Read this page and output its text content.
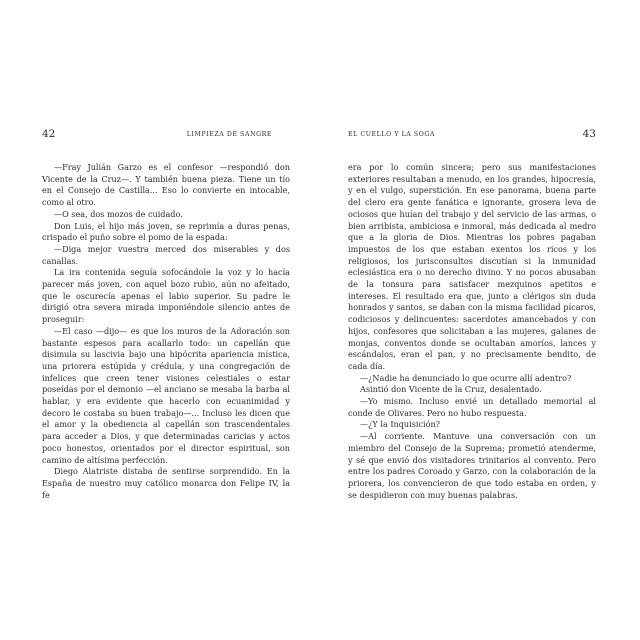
42	LIMPIEZA DE SANGRE

—Fray Julián Garzo es el confesor —respondió don Vicente de la Cruz—. Y también buena pieza. Tiene un tío en el Consejo de Castilla... Eso lo convierte en intocable, como al otro.

—O sea, dos mozos de cuidado.

Don Luis, el hijo más joven, se reprimía a duras penas, crispado el puño sobre el pomo de la espada:

—Diga mejor vuestra merced dos miserables y dos canallas.

La ira contenida seguía sofocándole la voz y lo hacía parecer más joven, con aquel bozo rubio, aún no afeitado, que le oscurecía apenas el labio superior. Su padre le dirigió otra severa mirada imponiéndole silencio antes de proseguir:

—El caso —dijo— es que los muros de la Adoración son bastante espesos para acallarlo todo: un capellán que disimula su lascivia bajo una hipócrita apariencia mística, una priorera estúpida y crédula, y una congregación de infelices que creen tener visiones celestiales o estar poseídas por el demonio —el anciano se mesaba la barba al hablar, y era evidente que hacerlo con ecuanimidad y decoro le costaba su buen trabajo—... Incluso les dicen que el amor y la obediencia al capellán son trascendentales para acceder a Dios, y que determinadas caricias y actos poco honestos, orientados por el director espiritual, son camino de altísima perfección.

Diego Alatriste distaba de sentirse sorprendido. En la España de nuestro muy católico monarca don Felipe IV, la fe

EL CUELLO Y LA SOGA	43

era por lo común sincera; pero sus manifestaciones exteriores resultaban a menudo, en los grandes, hipocresía, y en el vulgo, superstición. En ese panorama, buena parte del clero era gente fanática e ignorante, grosera leva de ociosos que huían del trabajo y del servicio de las armas, o bien arribista, ambiciosa e inmoral, más dedicada al medro que a la gloria de Dios. Mientras los pobres pagaban impuestos de los que estaban exentos los ricos y los religiosos, los jurisconsultos discutían si la inmunidad eclesiástica era o no derecho divino. Y no pocos abusaban de la tonsura para satisfacer mezquinos apetitos e intereses. El resultado era que, junto a clérigos sin duda honrados y santos, se daban con la misma facilidad pícaros, codiciosos y delincuentes: sacerdotes amancebados y con hijos, confesores que solicitaban a las mujeres, galanes de monjas, conventos donde se ocultaban amoríos, lances y escándalos, eran el pan, y no precisamente bendito, de cada día.

—¿Nadie ha denunciado lo que ocurre allí adentro?

Asintió don Vicente de la Cruz, desalentado.

—Yo mismo. Incluso envié un detallado memorial al conde de Olivares. Pero no hubo respuesta.

—¿Y la Inquisición?

—Al corriente. Mantuve una conversación con un miembro del Consejo de la Suprema; prometió atenderme, y sé que envió dos visitadores trinitarios al convento. Pero entre los padres Coroado y Garzo, con la colaboración de la priorera, los convencieron de que todo estaba en orden, y se despidieron con muy buenas palabras.
